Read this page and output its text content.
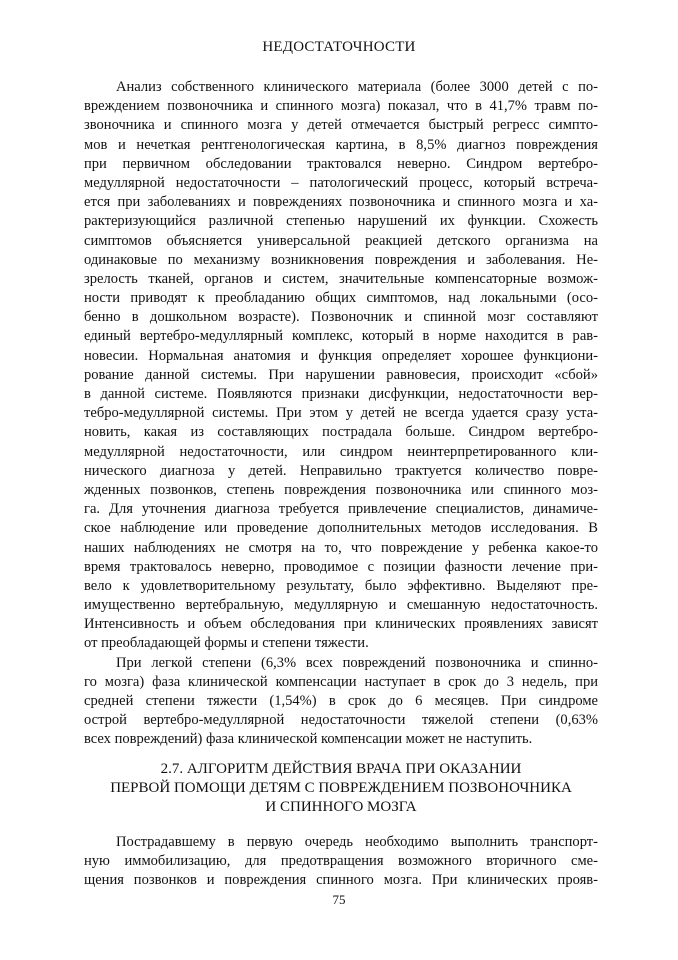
НЕДОСТАТОЧНОСТИ
Анализ собственного клинического материала (более 3000 детей с по-
вреждением позвоночника и спинного мозга) показал, что в 41,7% травм по-
звоночника и спинного мозга у детей отмечается быстрый регресс симпто-
мов и нечеткая рентгенологическая картина, в 8,5% диагноз повреждения
при первичном обследовании трактовался неверно. Синдром вертебро-
медуллярной недостаточности – патологический процесс, который встреча-
ется при заболеваниях и повреждениях позвоночника и спинного мозга и ха-
рактеризующийся различной степенью нарушений их функции. Схожесть
симптомов объясняется универсальной реакцией детского организма на
одинаковые по механизму возникновения повреждения и заболевания. Не-
зрелость тканей, органов и систем, значительные компенсаторные возмож-
ности приводят к преобладанию общих симптомов, над локальными (осо-
бенно в дошкольном возрасте). Позвоночник и спинной мозг составляют
единый вертебро-медуллярный комплекс, который в норме находится в рав-
новесии. Нормальная анатомия и функция определяет хорошее функциони-
рование данной системы. При нарушении равновесия, происходит «сбой»
в данной системе. Появляются признаки дисфункции, недостаточности вер-
тебро-медуллярной системы. При этом у детей не всегда удается сразу уста-
новить, какая из составляющих пострадала больше. Синдром вертебро-
медуллярной недостаточности, или синдром неинтерпретированного кли-
нического диагноза у детей. Неправильно трактуется количество повре-
жденных позвонков, степень повреждения позвоночника или спинного моз-
га. Для уточнения диагноза требуется привлечение специалистов, динамиче-
ское наблюдение или проведение дополнительных методов исследования. В
наших наблюдениях не смотря на то, что повреждение у ребенка какое-то
время трактовалось неверно, проводимое с позиции фазности лечение при-
велo к удовлетворительному результату, было эффективно. Выделяют пре-
имущественно вертебральную, медуллярную и смешанную недостаточность.
Интенсивность и объем обследования при клинических проявлениях зависят
от преобладающей формы и степени тяжести.
При легкой степени (6,3% всех повреждений позвоночника и спинно-
го мозга) фаза клинической компенсации наступает в срок до 3 недель, при
средней степени тяжести (1,54%) в срок до 6 месяцев. При синдроме
острой вертебро-медуллярной недостаточности тяжелой степени (0,63%
всех повреждений) фаза клинической компенсации может не наступить.
2.7. АЛГОРИТМ ДЕЙСТВИЯ ВРАЧА ПРИ ОКАЗАНИИ
ПЕРВОЙ ПОМОЩИ ДЕТЯМ С ПОВРЕЖДЕНИЕМ ПОЗВОНОЧНИКА
И СПИННОГО МОЗГА
Пострадавшему в первую очередь необходимо выполнить транспорт-
ную иммобилизацию, для предотвращения возможного вторичного сме-
щения позвонков и повреждения спинного мозга. При клинических прояв-
75
